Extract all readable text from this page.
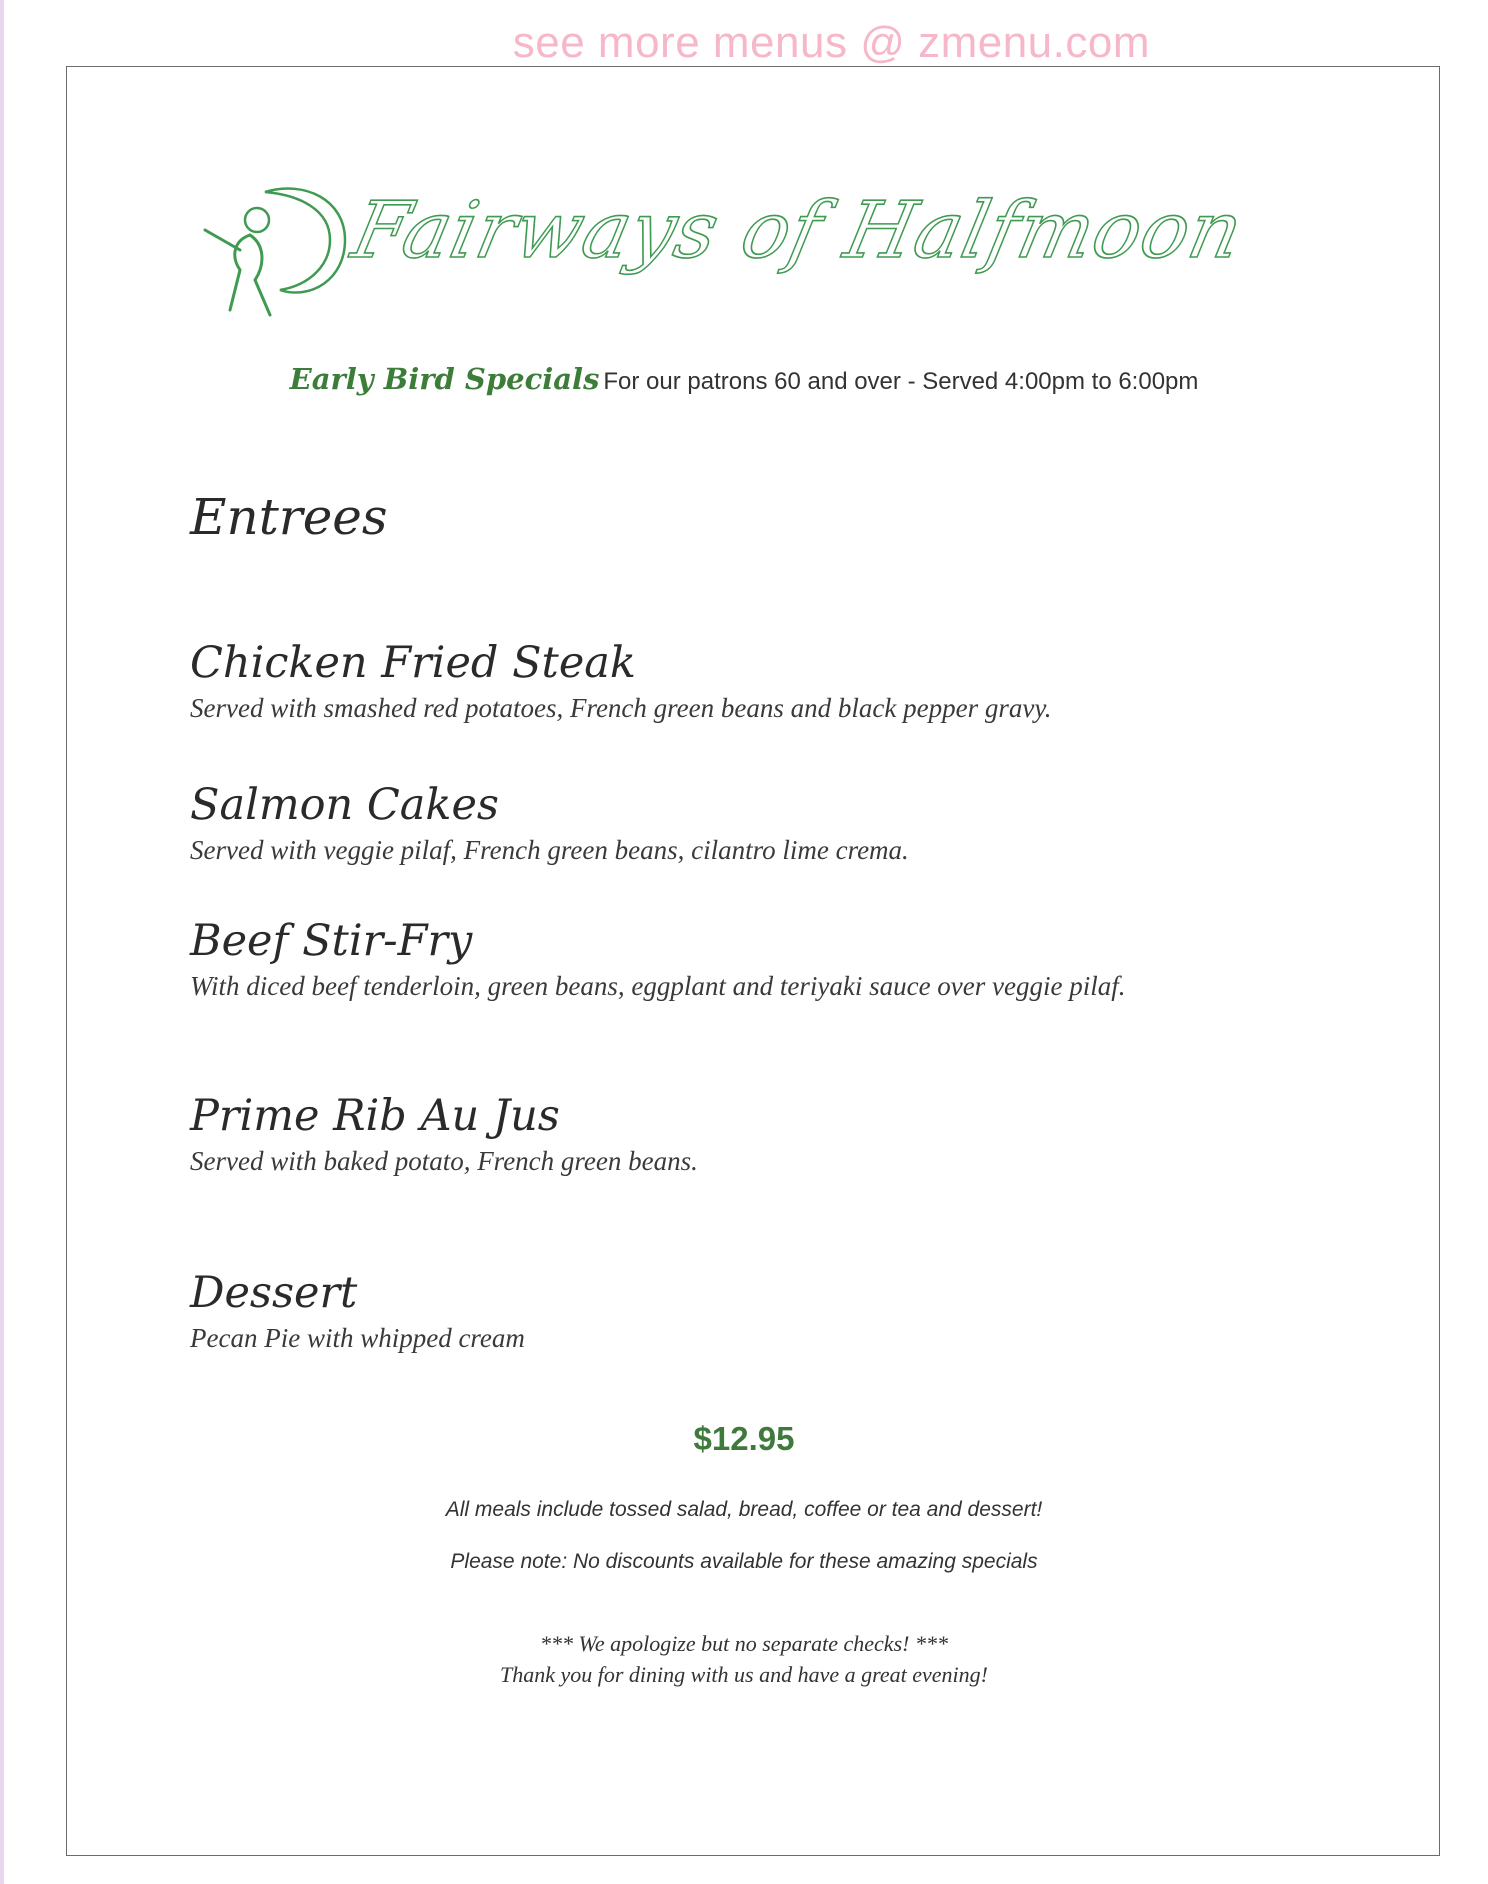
see more menus @ zmenu.com
Fairways of Halfmoon
Early Bird Specials For our patrons 60 and over - Served 4:00pm to 6:00pm
Entrees
Chicken Fried Steak
Served with smashed red potatoes, French green beans and black pepper gravy.
Salmon Cakes
Served with veggie pilaf, French green beans, cilantro lime crema.
Beef Stir-Fry
With diced beef tenderloin, green beans, eggplant and teriyaki sauce over veggie pilaf.
Prime Rib Au Jus
Served with baked potato, French green beans.
Dessert
Pecan Pie with whipped cream
$12.95
All meals include tossed salad, bread, coffee or tea and dessert!
Please note: No discounts available for these amazing specials
*** We apologize but no separate checks! ***
Thank you for dining with us and have a great evening!
